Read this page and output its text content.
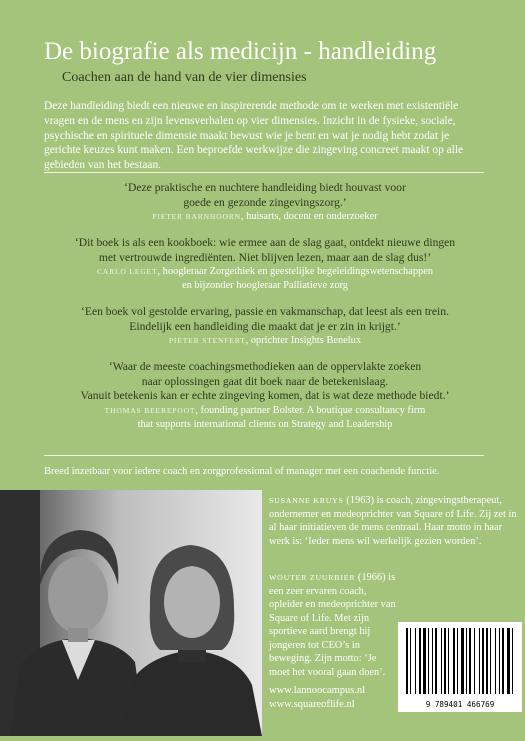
De biografie als medicijn - handleiding
Coachen aan de hand van de vier dimensies
Deze handleiding biedt een nieuwe en inspirerende methode om te werken met existentiële vragen en de mens en zijn levensverhalen op vier dimensies. Inzicht in de fysieke, sociale, psychische en spirituele dimensie maakt bewust wie je bent en wat je nodig hebt zodat je gerichte keuzes kunt maken. Een beproefde werkwijze die zingeving concreet maakt op alle gebieden van het bestaan.
‘Deze praktische en nuchtere handleiding biedt houvast voor
goede en gezonde zingevingszorg.’
PIETER BARNHOORN, huisarts, docent en onderzoeker
‘Dit boek is als een kookboek: wie ermee aan de slag gaat, ontdekt nieuwe dingen
met vertrouwde ingrediënten. Niet blijven lezen, maar aan de slag dus!’
CARLO LEGET, hoogleraar Zorgethiek en geestelijke begeleidingswetenschappen
en bijzonder hoogleraar Palliatieve zorg
‘Een boek vol gestolde ervaring, passie en vakmanschap, dat leest als een trein.
Eindelijk een handleiding die maakt dat je er zin in krijgt.’
PIETER STENFERT, oprichter Insights Benelux
‘Waar de meeste coachingsmethodieken aan de oppervlakte zoeken
naar oplossingen gaat dit boek naar de betekenislaag.
Vanuit betekenis kan er echte zingeving komen, dat is wat deze methode biedt.’
THOMAS BEEREPOOT, founding partner Bolster. A boutique consultancy firm
that supports international clients on Strategy and Leadership
Breed inzetbaar voor iedere coach en zorgprofessional of manager met een coachende functie.
SUSANNE KRUYS (1963) is coach, zingevingstherapeut, ondernemer en medeoprichter van Square of Life. Zij zet in al haar initiatieven de mens centraal. Haar motto in haar werk is: ‘Ieder mens wil werkelijk gezien worden’.
WOUTER ZUURBIER (1966) is een zeer ervaren coach, opleider en medeoprichter van Square of Life. Met zijn sportieve aard brengt hij jongeren tot CEO’s in beweging. Zijn motto: ‘Je moet het vooral gaan doen’.
9 789401 466769
www.lannoocampus.nl
www.squareoflife.nl
